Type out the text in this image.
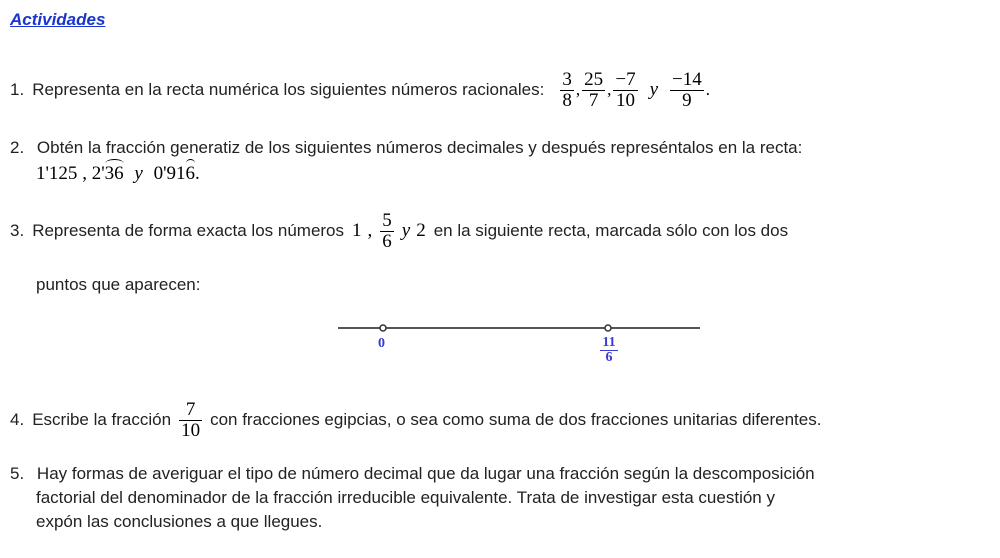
Actividades
1. Representa en la recta numérica los siguientes números racionales: $\frac{3}{8}$ , $\frac{25}{7}$ , $\frac{-7}{10}$ y $\frac{-14}{9}$ .
2. Obtén la fracción generatiz de los siguientes números decimales y después represéntalos en la recta:
1'125 , 2'36 y 0'916.
3. Representa de forma exacta los números 1 , $\frac{5}{6}$ y 2 en la siguiente recta, marcada sólo con los dos
puntos que aparecen:
0	11
6
4. Escribe la fracción $\frac{7}{10}$ con fracciones egipcias, o sea como suma de dos fracciones unitarias diferentes.
5. Hay formas de averiguar el tipo de número decimal que da lugar una fracción según la descomposición
factorial del denominador de la fracción irreducible equivalente. Trata de investigar esta cuestión y
expón las conclusiones a que llegues.
